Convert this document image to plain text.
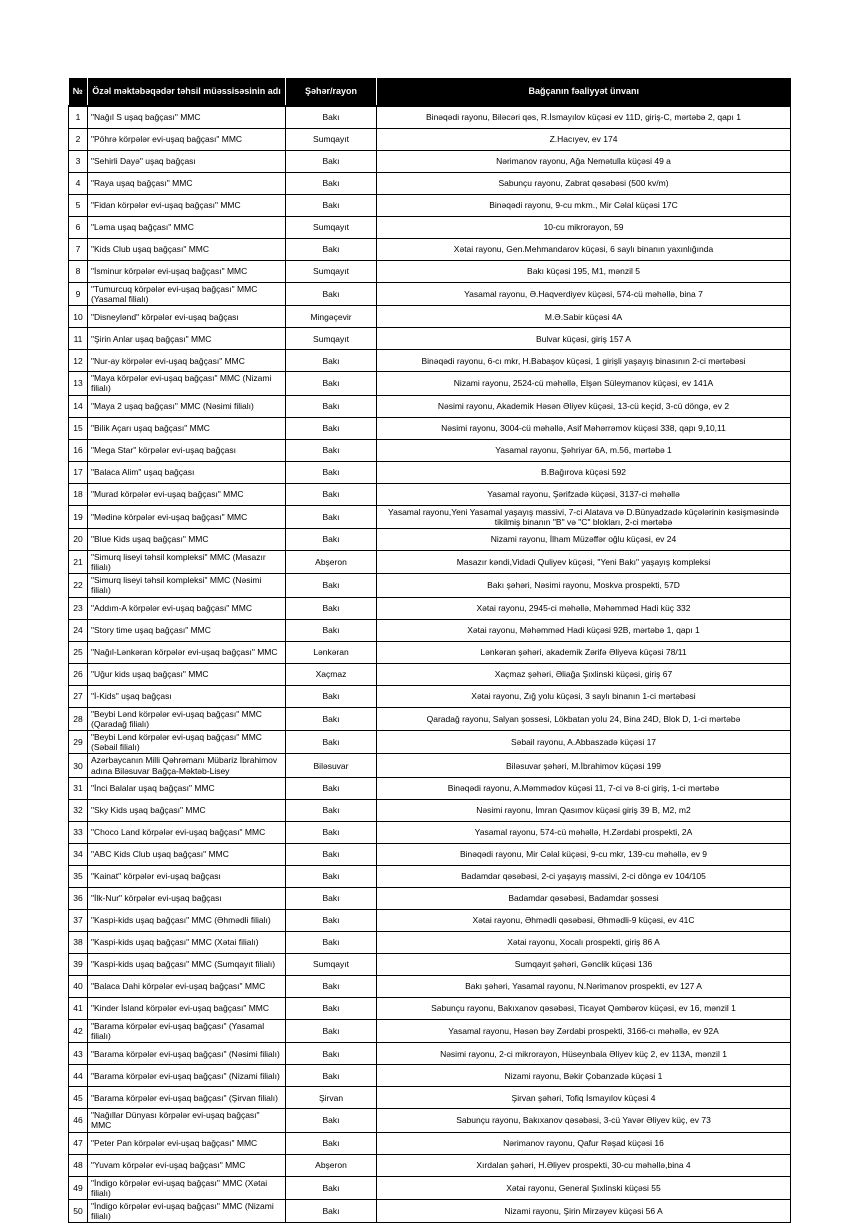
№	Özəl məktəbəqədər təhsil müəssisəsinin adı	Şəhər/rayon	Bağçanın fəaliyyət ünvanı
1	"Nağıl S uşaq bağçası" MMC	Bakı	Binəqədi rayonu, Biləcəri qəs, R.İsmayılov küçəsi ev 11D, giriş-C, mərtəbə 2, qapı 1
2	"Pöhrə körpələr evi-uşaq bağçası" MMC	Sumqayıt	Z.Hacıyev, ev 174
3	"Sehirli Dayə" uşaq bağçası	Bakı	Nərimanov rayonu, Ağa Nemətulla küçəsi 49 a
4	"Raya uşaq bağçası" MMC	Bakı	Sabunçu rayonu, Zabrat qəsəbəsi (500 kv/m)
5	"Fidan körpələr evi-uşaq bağçası" MMC	Bakı	Binəqədi rayonu, 9-cu mkm., Mir Cəlal küçəsi 17C
6	"Ləma uşaq bağçası" MMC	Sumqayıt	10-cu mikrorayon, 59
7	"Kids Club uşaq bağçası" MMC	Bakı	Xətai rayonu, Gen.Mehmandarov küçəsi, 6 saylı binanın yaxınlığında
8	"İsminur körpələr evi-uşaq bağçası" MMC	Sumqayıt	Bakı küçəsi 195, M1, mənzil 5
9	"Tumurcuq körpələr evi-uşaq bağçası" MMC (Yasamal filialı)	Bakı	Yasamal rayonu, Ə.Haqverdiyev küçəsi, 574-cü məhəllə, bina 7
10	"Disneylənd" körpələr evi-uşaq bağçası	Mingəçevir	M.Ə.Sabir küçəsi 4A
11	"Şirin Anlar uşaq bağçası" MMC	Sumqayıt	Bulvar küçəsi, giriş 157 A
12	"Nur-ay körpələr evi-uşaq bağçası" MMC	Bakı	Binəqədi rayonu, 6-cı mkr, H.Babaşov küçəsi, 1 girişli yaşayış binasının 2-ci mərtəbəsi
13	"Maya körpələr evi-uşaq bağçası" MMC (Nizami filialı)	Bakı	Nizami rayonu, 2524-cü məhəllə, Elşən Süleymanov küçəsi, ev 141A
14	"Maya 2 uşaq bağçası" MMC (Nəsimi filialı)	Bakı	Nəsimi rayonu, Akademik Həsən Əliyev küçəsi, 13-cü keçid, 3-cü döngə, ev 2
15	"Bilik Açarı uşaq bağçası" MMC	Bakı	Nəsimi rayonu, 3004-cü məhəllə, Asif Məhərrəmov küçəsi 338, qapı 9,10,11
16	"Mega Star" körpələr evi-uşaq bağçası	Bakı	Yasamal rayonu, Şəhriyar 6A, m.56, mərtəbə 1
17	"Balaca Alim" uşaq bağçası	Bakı	B.Bağırova küçəsi 592
18	"Murad körpələr evi-uşaq bağçası" MMC	Bakı	Yasamal rayonu, Şərifzadə küçəsi, 3137-ci məhəllə
19	"Mədinə körpələr evi-uşaq bağçası" MMC	Bakı	Yasamal rayonu,Yeni Yasamal yaşayış massivi, 7-ci Alatava və D.Bünyadzadə küçələrinin kəsişməsində tikilmiş binanın "B" və "C" blokları, 2-ci mərtəbə
20	"Blue Kids uşaq bağçası" MMC	Bakı	Nizami rayonu, İlham Müzəffər oğlu küçəsi, ev 24
21	"Simurq liseyi təhsil kompleksi" MMC (Masazır filialı)	Abşeron	Masazır kəndi,Vidadi Quliyev küçəsi, "Yeni Bakı" yaşayış kompleksi
22	"Simurq liseyi təhsil kompleksi" MMC (Nəsimi filialı)	Bakı	Bakı şəhəri, Nəsimi rayonu, Moskva prospekti, 57D
23	"Addım-A körpələr evi-uşaq bağçası" MMC	Bakı	Xətai rayonu, 2945-ci məhəllə, Məhəmməd Hadi küç 332
24	"Story time uşaq bağçası" MMC	Bakı	Xətai rayonu, Məhəmməd Hadi küçəsi 92B, mərtəbə 1, qapı 1
25	"Nağıl-Lənkəran körpələr evi-uşaq bağçası" MMC	Lənkəran	Lənkəran şəhəri, akademik Zərifə Əliyeva küçəsi 78/11
26	"Uğur kids uşaq bağçası" MMC	Xaçmaz	Xaçmaz şəhəri, Əliağa Şıxlinski küçəsi, giriş 67
27	"İ-Kids" uşaq bağçası	Bakı	Xətai rayonu, Zığ yolu küçəsi, 3 saylı binanın 1-ci mərtəbəsi
28	"Beybi Lənd körpələr evi-uşaq bağçası" MMC (Qaradağ filialı)	Bakı	Qaradağ rayonu, Salyan şossesi, Lökbatan yolu 24, Bina 24D, Blok D, 1-ci mərtəbə
29	"Beybi Lənd körpələr evi-uşaq bağçası" MMC (Səbail filialı)	Bakı	Səbail rayonu, A.Abbaszadə küçəsi 17
30	Azərbaycanın Milli Qəhrəmanı Mübariz İbrahimov adına Biləsuvar Bağça-Məktəb-Lisey	Biləsuvar	Biləsuvar şəhəri, M.İbrahimov küçəsi 199
31	"İnci Balalar uşaq bağçası" MMC	Bakı	Binəqədi rayonu, A.Məmmədov küçəsi 11, 7-ci və 8-ci giriş, 1-ci mərtəbə
32	"Sky Kids uşaq bağçası" MMC	Bakı	Nəsimi rayonu, İmran Qasımov küçəsi giriş 39 B, M2, m2
33	"Choco Land körpələr evi-uşaq bağçası" MMC	Bakı	Yasamal rayonu, 574-cü məhəllə, H.Zərdabi prospekti, 2A
34	"ABC Kids Club uşaq bağçası" MMC	Bakı	Binəqədi rayonu, Mir Cəlal küçəsi, 9-cu mkr, 139-cu məhəllə, ev 9
35	"Kainat" körpələr evi-uşaq bağçası	Bakı	Badamdar qəsəbəsi, 2-ci yaşayış massivi, 2-ci döngə ev 104/105
36	"İlk-Nur" körpələr evi-uşaq bağçası	Bakı	Badamdar qəsəbəsi, Badamdar şossesi
37	"Kaspi-kids uşaq bağçası" MMC (Əhmədli filialı)	Bakı	Xətai rayonu, Əhmədli qəsəbəsi, Əhmədli-9 küçəsi, ev 41C
38	"Kaspi-kids uşaq bağçası" MMC (Xətai filialı)	Bakı	Xətai rayonu, Xocalı prospekti, giriş 86 A
39	"Kaspi-kids uşaq bağçası" MMC (Sumqayıt filialı)	Sumqayıt	Sumqayıt şəhəri, Gənclik küçəsi 136
40	"Balaca Dahi körpələr evi-uşaq bağçası" MMC	Bakı	Bakı şəhəri, Yasamal rayonu, N.Nərimanov prospekti, ev 127 A
41	"Kinder İsland körpələr evi-uşaq bağçası" MMC	Bakı	Sabunçu rayonu, Bakıxanov qəsəbəsi, Ticayət Qəmbərov küçəsi, ev 16, mənzil 1
42	"Barama körpələr evi-uşaq bağçası" (Yasamal filialı)	Bakı	Yasamal rayonu, Həsən bəy Zərdabi prospekti, 3166-cı məhəllə, ev 92A
43	"Barama körpələr evi-uşaq bağçası" (Nəsimi filialı)	Bakı	Nəsimi rayonu, 2-ci mikrorayon, Hüseynbala Əliyev küç 2, ev 113A, mənzil 1
44	"Barama körpələr evi-uşaq bağçası" (Nizami filialı)	Bakı	Nizami rayonu, Bəkir Çobanzadə küçəsi 1
45	"Barama körpələr evi-uşaq bağçası" (Şirvan filialı)	Şirvan	Şirvan şəhəri, Tofiq İsmayılov küçəsi 4
46	"Nağıllar Dünyası körpələr evi-uşaq bağçası" MMC	Bakı	Sabunçu rayonu, Bakıxanov qəsəbəsi, 3-cü Yavər Əliyev küç, ev 73
47	"Peter Pan körpələr evi-uşaq bağçası" MMC	Bakı	Nərimanov rayonu, Qafur Rəşad küçəsi 16
48	"Yuvam körpələr evi-uşaq bağçası" MMC	Abşeron	Xırdalan şəhəri, H.Əliyev prospekti, 30-cu məhəllə,bina 4
49	"İndigo körpələr evi-uşaq bağçası" MMC (Xətai filialı)	Bakı	Xətai rayonu, General Şıxlinski küçəsi 55
50	"İndigo körpələr evi-uşaq bağçası" MMC (Nizami filialı)	Bakı	Nizami rayonu, Şirin Mirzəyev küçəsi 56 A
